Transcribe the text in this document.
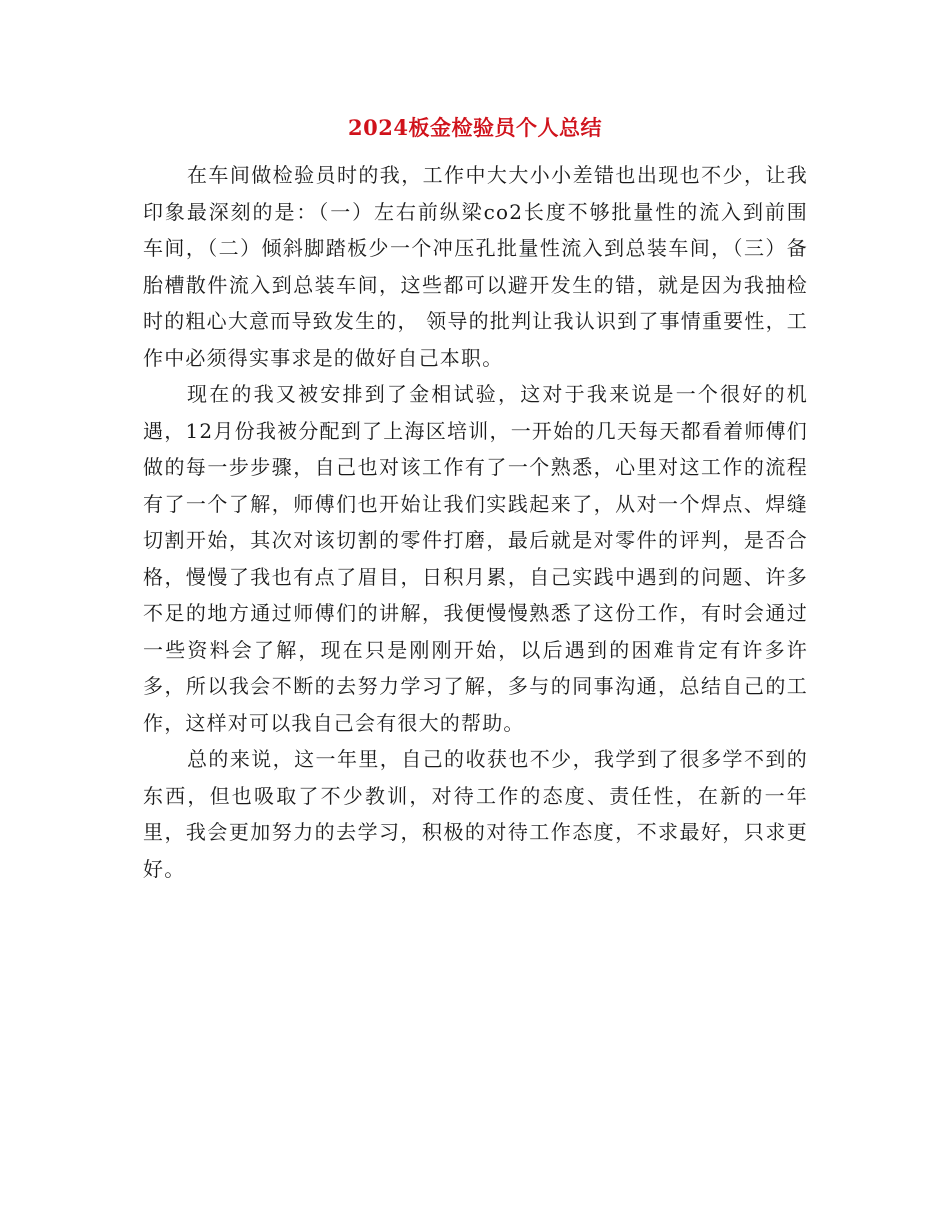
2024板金检验员个人总结

在车间做检验员时的我，工作中大大小小差错也出现也不少，让我印象最深刻的是：（一）左右前纵梁co2长度不够批量性的流入到前围车间，（二）倾斜脚踏板少一个冲压孔批量性流入到总装车间，（三）备胎槽散件流入到总装车间，这些都可以避开发生的错，就是因为我抽检时的粗心大意而导致发生的， 领导的批判让我认识到了事情重要性，工作中必须得实事求是的做好自己本职。

现在的我又被安排到了金相试验，这对于我来说是一个很好的机遇，12月份我被分配到了上海区培训，一开始的几天每天都看着师傅们做的每一步步骤，自己也对该工作有了一个熟悉，心里对这工作的流程有了一个了解，师傅们也开始让我们实践起来了，从对一个焊点、焊缝切割开始，其次对该切割的零件打磨，最后就是对零件的评判，是否合格，慢慢了我也有点了眉目，日积月累，自己实践中遇到的问题、许多不足的地方通过师傅们的讲解，我便慢慢熟悉了这份工作，有时会通过一些资料会了解，现在只是刚刚开始，以后遇到的困难肯定有许多许多，所以我会不断的去努力学习了解，多与的同事沟通，总结自己的工作，这样对可以我自己会有很大的帮助。

总的来说，这一年里，自己的收获也不少，我学到了很多学不到的东西，但也吸取了不少教训，对待工作的态度、责任性，在新的一年里，我会更加努力的去学习，积极的对待工作态度，不求最好，只求更好。
